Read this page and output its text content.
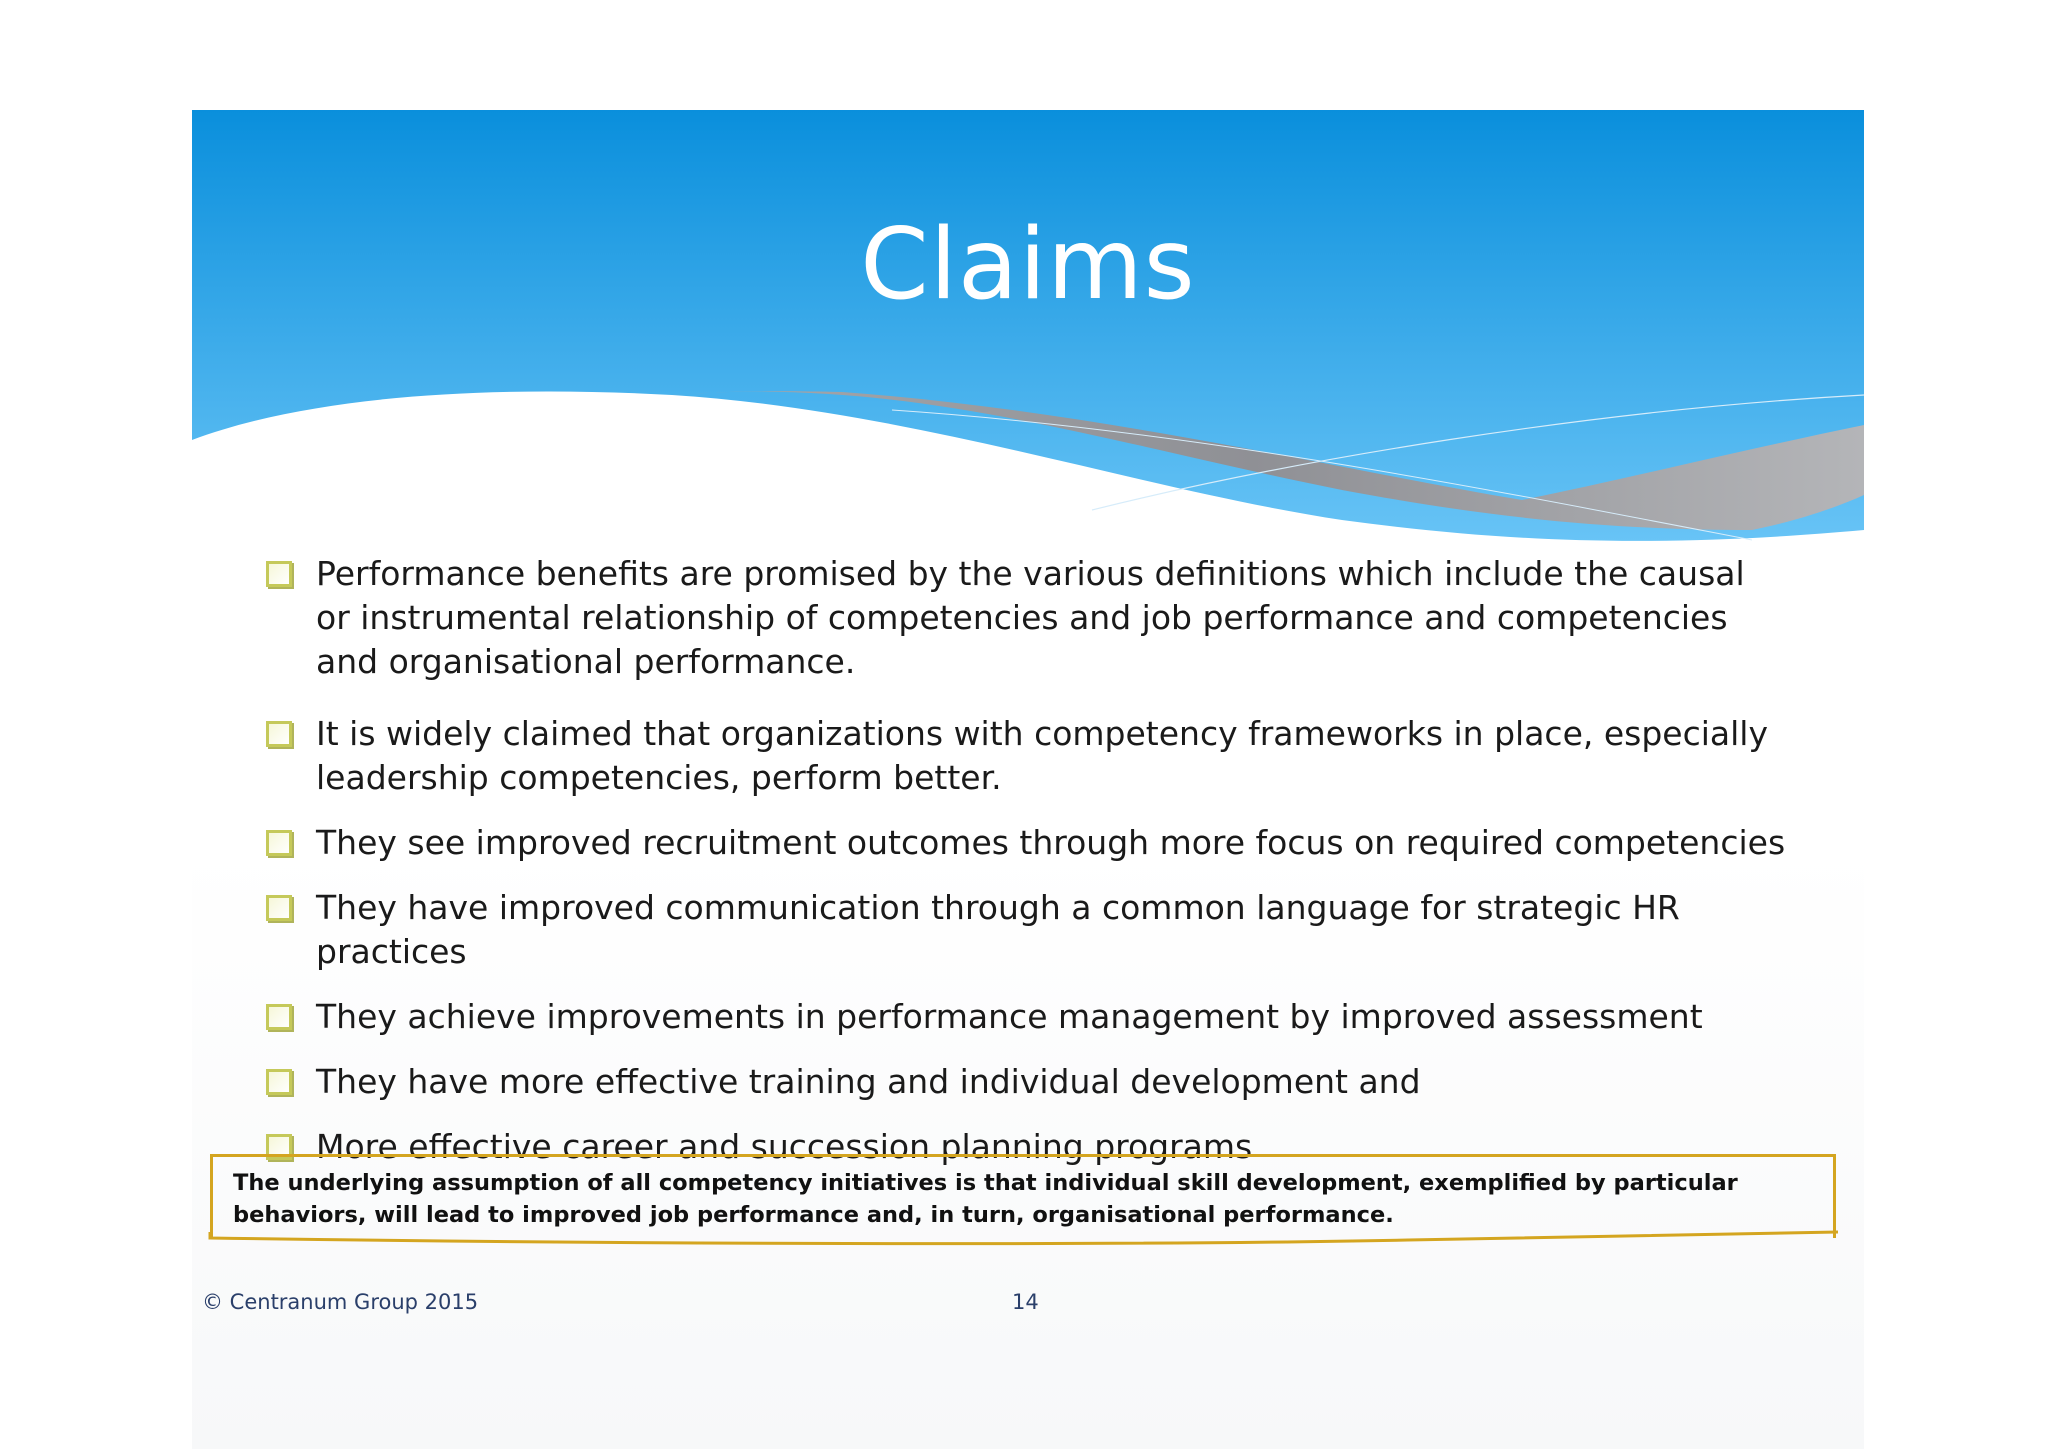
Claims
Performance benefits are promised by the various definitions which include the causal or instrumental relationship of competencies and job performance and competencies and organisational performance.
It is widely claimed that organizations with competency frameworks in place, especially leadership competencies, perform better.
They see improved recruitment outcomes through more focus on required competencies
They have improved communication through a common language for strategic HR practices
They achieve improvements in performance management by improved assessment
They have more effective training and individual development and
More effective career and succession planning programs
The underlying assumption of all competency initiatives is that individual skill development, exemplified by particular behaviors, will lead to improved job performance and, in turn, organisational performance.
© Centranum Group 2015	14
